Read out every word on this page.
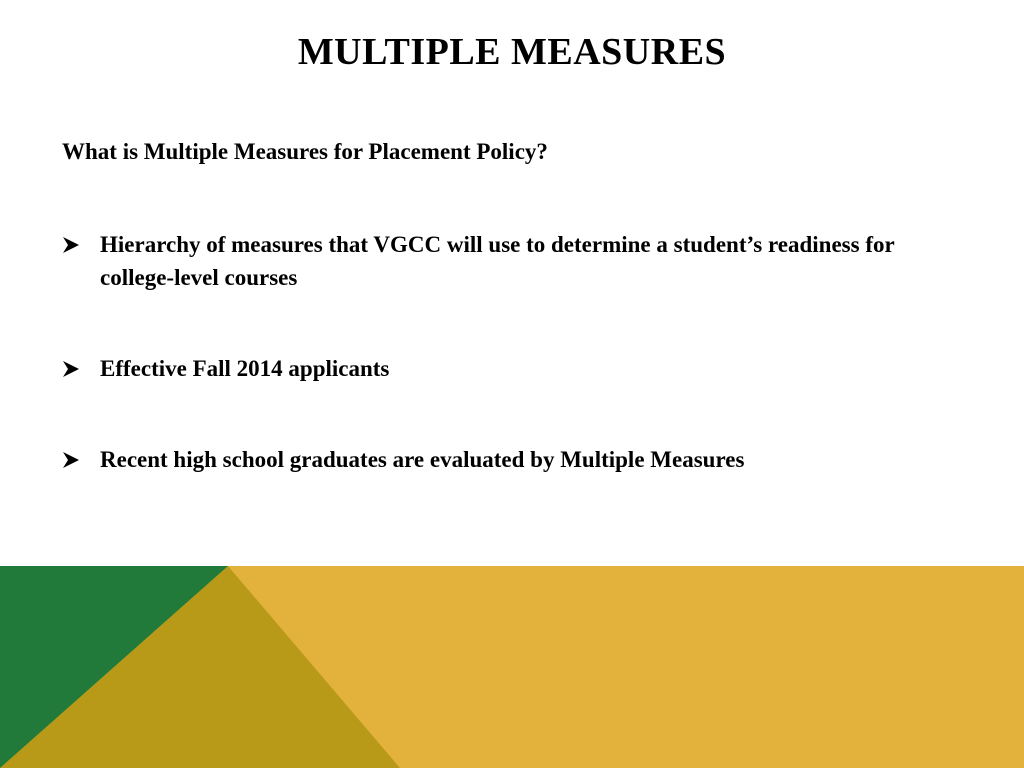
MULTIPLE MEASURES

What is Multiple Measures for Placement Policy?

Hierarchy of measures that VGCC will use to determine a student’s readiness for college-level courses
Effective Fall 2014 applicants
Recent high school graduates are evaluated by Multiple Measures
